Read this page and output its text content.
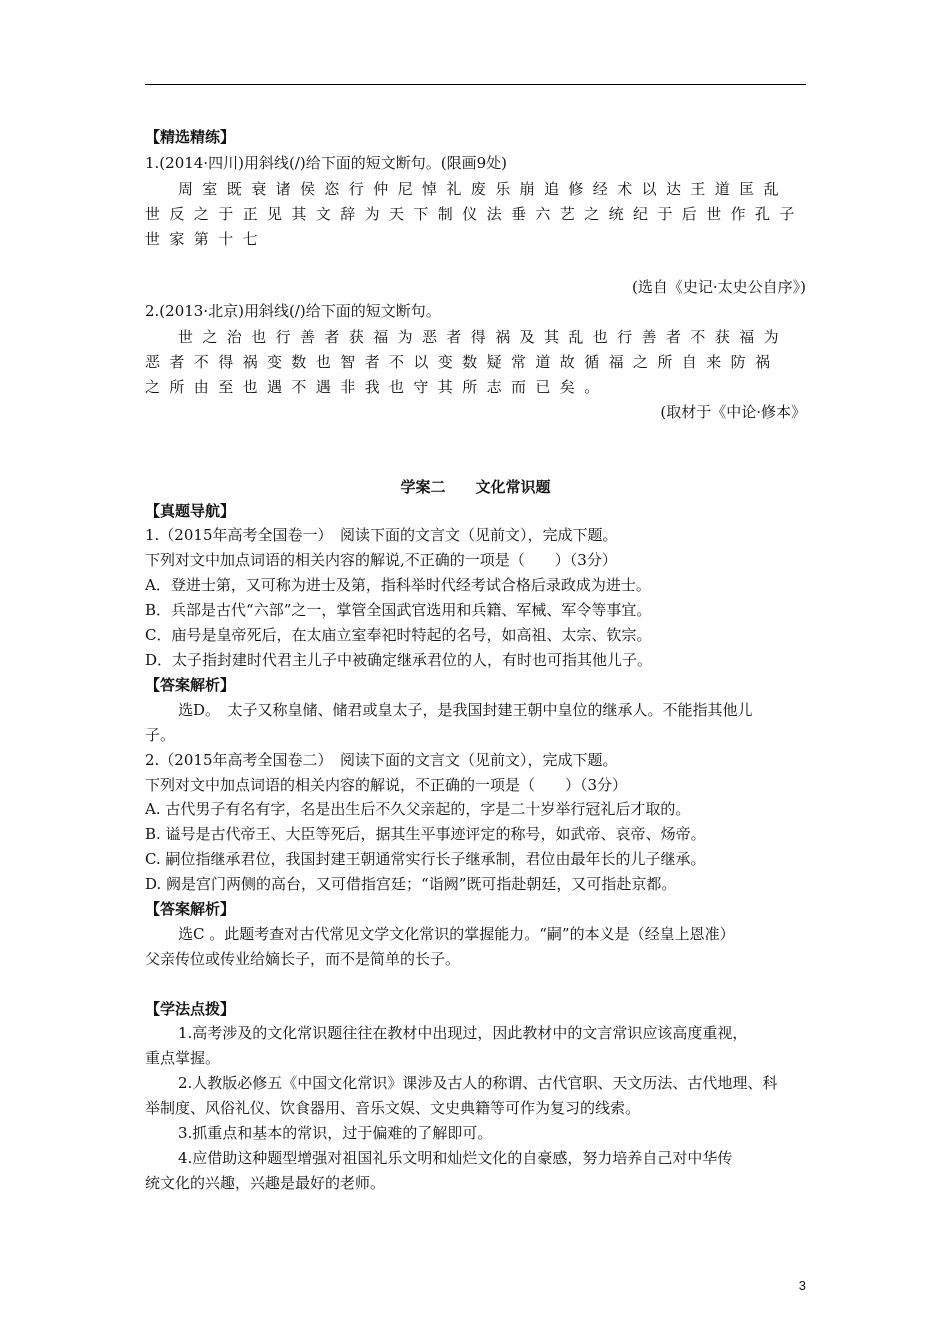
【精选精练】
1.(2014·四川)用斜线(/)给下面的短文断句。(限画9处)
周室既衰诸侯恣行仲尼悼礼废乐崩追修经术以达王道匡乱
世反之于正见其文辞为天下制仪法垂六艺之统纪于后世作孔子
世家第十七
(选自《史记·太史公自序》)
2.(2013·北京)用斜线(/)给下面的短文断句。
世之治也行善者获福为恶者得祸及其乱也行善者不获福为
恶者不得祸变数也智者不以变数疑常道故循福之所自来防祸
之所由至也遇不遇非我也守其所志而已矣。
(取材于《中论·修本》
学案二　　文化常识题
【真题导航】
1.（2015年高考全国卷一）　阅读下面的文言文（见前文），完成下题。
下列对文中加点词语的相关内容的解说,不正确的一项是（　　）（3分）
A．登进士第，又可称为进士及第，指科举时代经考试合格后录政成为进士。
B．兵部是古代“六部”之一，掌管全国武官选用和兵籍、军械、军令等事宜。
C．庙号是皇帝死后，在太庙立室奉祀时特起的名号，如高祖、太宗、钦宗。
D．太子指封建时代君主儿子中被确定继承君位的人，有时也可指其他儿子。
【答案解析】
选D。　太子又称皇储、储君或皇太子，是我国封建王朝中皇位的继承人。不能指其他儿
子。
2.（2015年高考全国卷二）　阅读下面的文言文（见前文），完成下题。
下列对文中加点词语的相关内容的解说，不正确的一项是（　　）（3分）
A. 古代男子有名有字，名是出生后不久父亲起的，字是二十岁举行冠礼后才取的。
B. 谥号是古代帝王、大臣等死后，据其生平事迹评定的称号，如武帝、哀帝、炀帝。
C. 嗣位指继承君位，我国封建王朝通常实行长子继承制，君位由最年长的儿子继承。
D. 阙是宫门两侧的高台，又可借指宫廷；“诣阙”既可指赴朝廷，又可指赴京都。
【答案解析】
选C 。此题考查对古代常见文学文化常识的掌握能力。“嗣”的本义是（经皇上恩准）
父亲传位或传业给嫡长子，而不是简单的长子。
【学法点拨】
1.高考涉及的文化常识题往往在教材中出现过，因此教材中的文言常识应该高度重视，
重点掌握。
2.人教版必修五《中国文化常识》课涉及古人的称谓、古代官职、天文历法、古代地理、科
举制度、风俗礼仪、饮食器用、音乐文娱、文史典籍等可作为复习的线索。
3.抓重点和基本的常识，过于偏难的了解即可。
4.应借助这种题型增强对祖国礼乐文明和灿烂文化的自豪感，努力培养自己对中华传
统文化的兴趣，兴趣是最好的老师。
3
